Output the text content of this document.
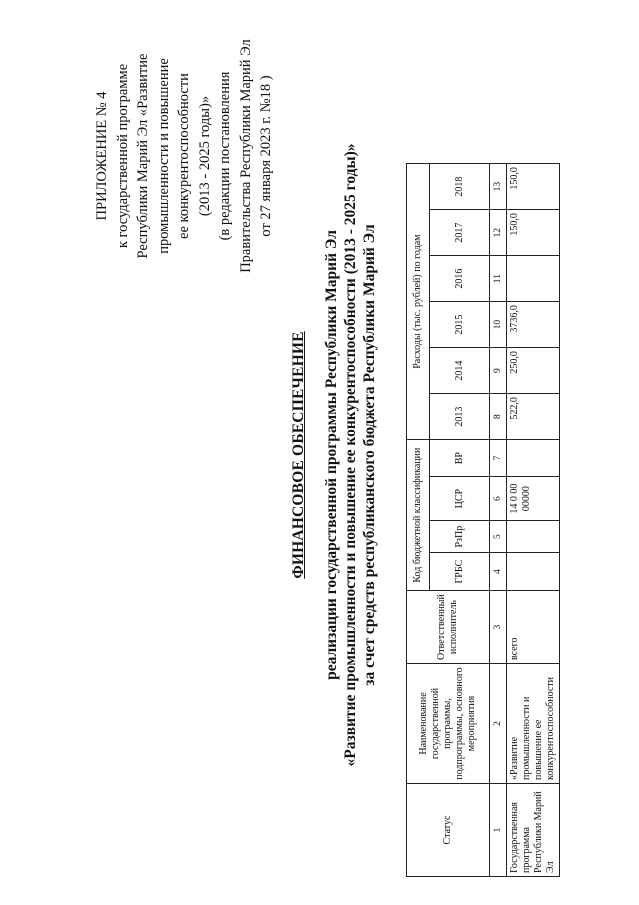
ПРИЛОЖЕНИЕ № 4 к государственной программе Республики Марий Эл «Развитие промышленности и повышение ее конкурентоспособности (2013 - 2025 годы)» (в редакции постановления Правительства Республики Марий Эл от 27 января 2023 г. №18 )
ФИНАНСОВОЕ ОБЕСПЕЧЕНИЕ реализации государственной программы Республики Марий Эл «Развитие промышленности и повышение ее конкурентоспособности (2013 - 2025 годы)» за счет средств республиканского бюджета Республики Марий Эл
Статус	Наименование государственной программы, подпрограммы, основного мероприятия	Ответственный исполнитель	Код бюджетной классификации				Расходы (тыс. рублей) по годам					
			ГРБС	РзПр	ЦСР	ВР	2013	2014	2015	2016	2017	2018
1	2	3	4	5	6	7	8	9	10	11	12	13
Государственная программа Республики Марий Эл	«Развитие промышленности и повышение ее конкурентоспособности	всего			14 0 00 00000		522,0	250,0	3736,0		150,0	150,0
